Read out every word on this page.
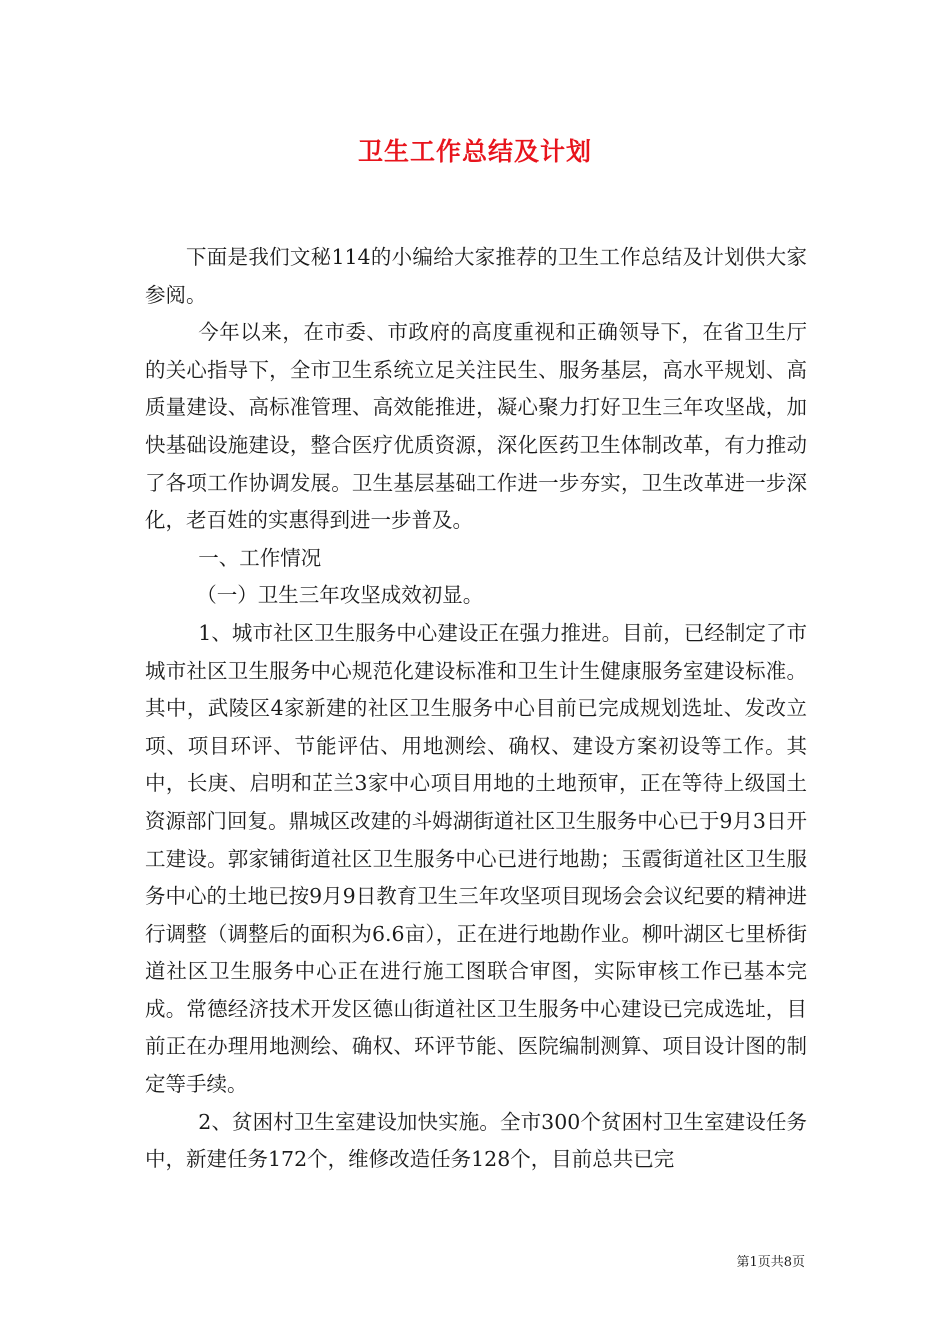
卫生工作总结及计划

下面是我们文秘114的小编给大家推荐的卫生工作总结及计划供大家参阅。

今年以来，在市委、市政府的高度重视和正确领导下，在省卫生厅的关心指导下，全市卫生系统立足关注民生、服务基层，高水平规划、高质量建设、高标准管理、高效能推进，凝心聚力打好卫生三年攻坚战，加快基础设施建设，整合医疗优质资源，深化医药卫生体制改革，有力推动了各项工作协调发展。卫生基层基础工作进一步夯实，卫生改革进一步深化，老百姓的实惠得到进一步普及。

一、工作情况

（一）卫生三年攻坚成效初显。

1、城市社区卫生服务中心建设正在强力推进。目前，已经制定了市城市社区卫生服务中心规范化建设标准和卫生计生健康服务室建设标准。其中，武陵区4家新建的社区卫生服务中心目前已完成规划选址、发改立项、项目环评、节能评估、用地测绘、确权、建设方案初设等工作。其中，长庚、启明和芷兰3家中心项目用地的土地预审，正在等待上级国土资源部门回复。鼎城区改建的斗姆湖街道社区卫生服务中心已于9月3日开工建设。郭家铺街道社区卫生服务中心已进行地勘；玉霞街道社区卫生服务中心的土地已按9月9日教育卫生三年攻坚项目现场会会议纪要的精神进行调整（调整后的面积为6.6亩），正在进行地勘作业。柳叶湖区七里桥街道社区卫生服务中心正在进行施工图联合审图，实际审核工作已基本完成。常德经济技术开发区德山街道社区卫生服务中心建设已完成选址，目前正在办理用地测绘、确权、环评节能、医院编制测算、项目设计图的制定等手续。

2、贫困村卫生室建设加快实施。全市300个贫困村卫生室建设任务中，新建任务172个，维修改造任务128个，目前总共已完

第1页共8页
